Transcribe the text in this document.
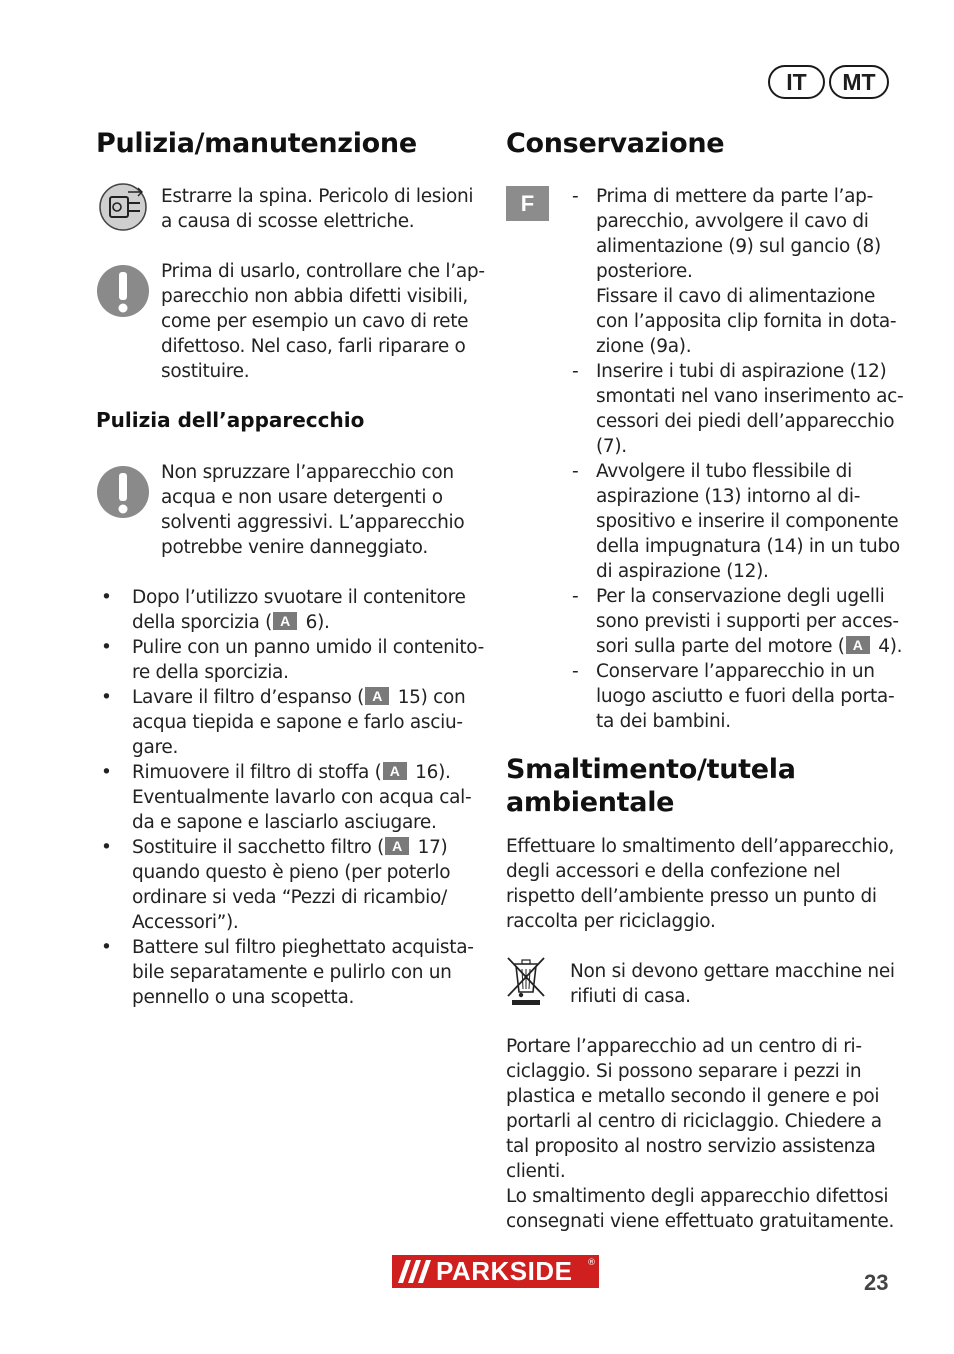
IT	MT
Pulizia/manutenzione
Estrarre la spina. Pericolo di lesioni
a causa di scosse elettriche.
Prima di usarlo, controllare che l’ap-
parecchio non abbia difetti visibili,
come per esempio un cavo di rete
difettoso. Nel caso, farli riparare o
sostituire.
Pulizia dell’apparecchio
Non spruzzare l’apparecchio con
acqua e non usare detergenti o
solventi aggressivi. L’apparecchio
potrebbe venire danneggiato.
• Dopo l’utilizzo svuotare il contenitore
della sporcizia ( A 6).
• Pulire con un panno umido il contenito-
re della sporcizia.
• Lavare il filtro d’espanso ( A 15) con
acqua tiepida e sapone e farlo asciu-
gare.
• Rimuovere il filtro di stoffa ( A 16).
Eventualmente lavarlo con acqua cal-
da e sapone e lasciarlo asciugare.
• Sostituire il sacchetto filtro ( A 17)
quando questo è pieno (per poterlo
ordinare si veda “Pezzi di ricambio/
Accessori”).
• Battere sul filtro pieghettato acquista-
bile separatamente e pulirlo con un
pennello o una scopetta.
Conservazione
F
-	Prima di mettere da parte l’ap-
parecchio, avvolgere il cavo di
alimentazione (9) sul gancio (8)
posteriore.
Fissare il cavo di alimentazione
con l’apposita clip fornita in dota-
zione (9a).
- Inserire i tubi di aspirazione (12)
smontati nel vano inserimento ac-
cessori dei piedi dell’apparecchio
(7).
- Avvolgere il tubo flessibile di
aspirazione (13) intorno al di-
spositivo e inserire il componente
della impugnatura (14) in un tubo
di aspirazione (12).
- Per la conservazione degli ugelli
sono previsti i supporti per acces-
sori sulla parte del motore ( A 4).
- Conservare l’apparecchio in un
luogo asciutto e fuori della porta-
ta dei bambini.
Smaltimento/tutela
ambientale
Effettuare lo smaltimento dell’apparecchio,
degli accessori e della confezione nel
rispetto dell’ambiente presso un punto di
raccolta per riciclaggio.
Non si devono gettare macchine nei
rifiuti di casa.
Portare l’apparecchio ad un centro di ri-
ciclaggio. Si possono separare i pezzi in
plastica e metallo secondo il genere e poi
portarli al centro di riciclaggio. Chiedere a
tal proposito al nostro servizio assistenza
clienti.
Lo smaltimento degli apparecchio difettosi
consegnati viene effettuato gratuitamente.
PARKSIDE ®
23
